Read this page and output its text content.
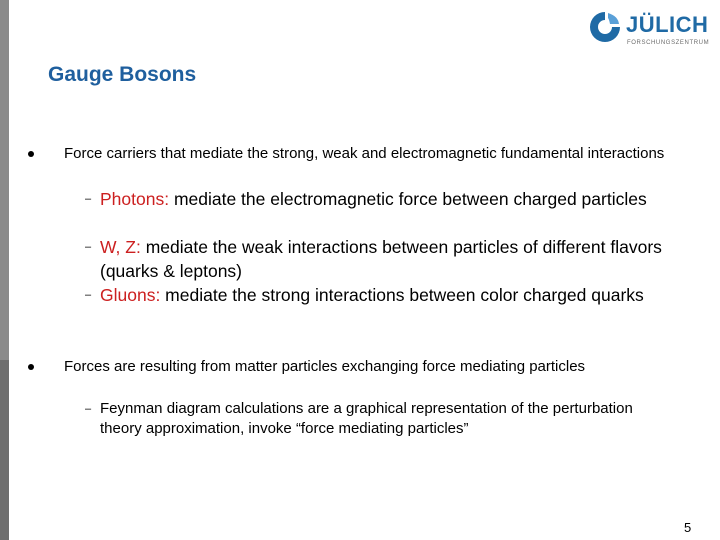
JÜLICH
FORSCHUNGSZENTRUM
Gauge Bosons
Force carriers that mediate the strong, weak and electromagnetic fundamental interactions
– Photons: mediate the electromagnetic force between charged particles
– W, Z: mediate the weak interactions between particles of different flavors (quarks & leptons)
– Gluons: mediate the strong interactions between color charged quarks
Forces are resulting from matter particles exchanging force mediating particles
– Feynman diagram calculations are a graphical representation of the perturbation theory approximation, invoke “force mediating particles”
5
